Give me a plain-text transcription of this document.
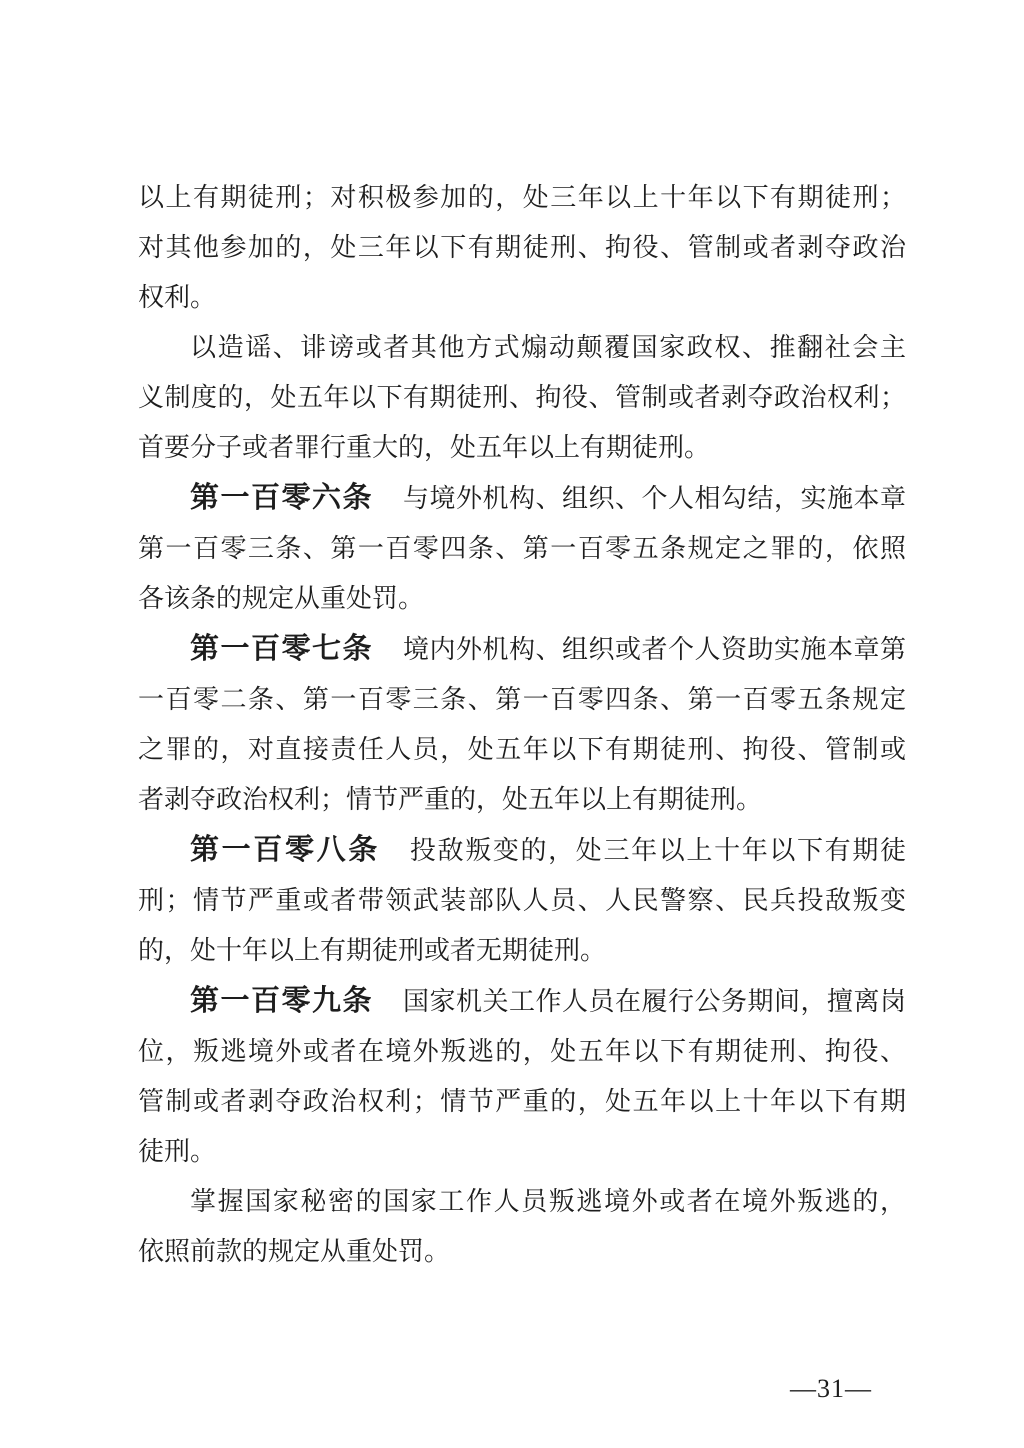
以上有期徒刑；对积极参加的，处三年以上十年以下有期徒刑；
对其他参加的，处三年以下有期徒刑、拘役、管制或者剥夺政治
权利。
以造谣、诽谤或者其他方式煽动颠覆国家政权、推翻社会主
义制度的，处五年以下有期徒刑、拘役、管制或者剥夺政治权利；
首要分子或者罪行重大的，处五年以上有期徒刑。
第一百零六条 与境外机构、组织、个人相勾结，实施本章
第一百零三条、第一百零四条、第一百零五条规定之罪的，依照
各该条的规定从重处罚。
第一百零七条 境内外机构、组织或者个人资助实施本章第
一百零二条、第一百零三条、第一百零四条、第一百零五条规定
之罪的，对直接责任人员，处五年以下有期徒刑、拘役、管制或
者剥夺政治权利；情节严重的，处五年以上有期徒刑。
第一百零八条 投敌叛变的，处三年以上十年以下有期徒
刑；情节严重或者带领武装部队人员、人民警察、民兵投敌叛变
的，处十年以上有期徒刑或者无期徒刑。
第一百零九条 国家机关工作人员在履行公务期间，擅离岗
位，叛逃境外或者在境外叛逃的，处五年以下有期徒刑、拘役、
管制或者剥夺政治权利；情节严重的，处五年以上十年以下有期
徒刑。
掌握国家秘密的国家工作人员叛逃境外或者在境外叛逃的，
依照前款的规定从重处罚。
—31—
